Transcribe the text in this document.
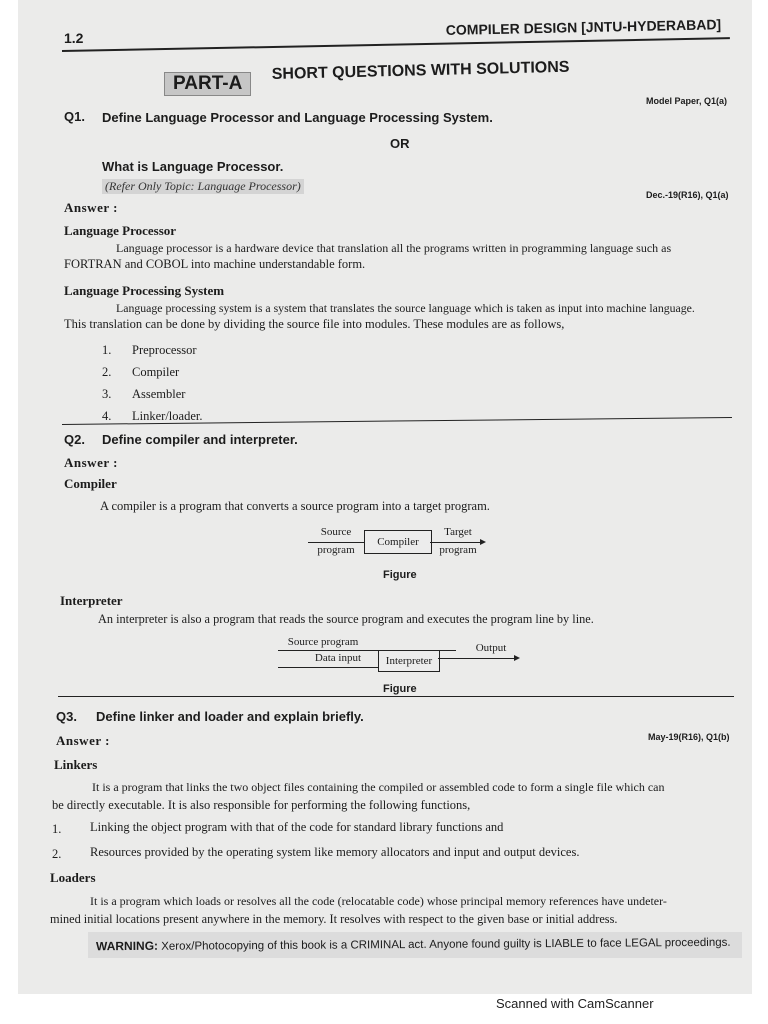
1.2	COMPILER DESIGN [JNTU-HYDERABAD]
PART-A
SHORT QUESTIONS WITH SOLUTIONS
Model Paper, Q1(a)
Q1. Define Language Processor and Language Processing System.
OR
What is Language Processor.
(Refer Only Topic: Language Processor)
Dec.-19(R16), Q1(a)
Answer :
Language Processor
Language processor is a hardware device that translation all the programs written in programming language such as
FORTRAN and COBOL into machine understandable form.
Language Processing System
Language processing system is a system that translates the source language which is taken as input into machine language.
This translation can be done by dividing the source file into modules. These modules are as follows,
1. Preprocessor
2. Compiler
3. Assembler
4. Linker/loader.
Q2. Define compiler and interpreter.
Answer :
Compiler
A compiler is a program that converts a source program into a target program.
Source
program
Compiler
Target
program
Figure
Interpreter
An interpreter is also a program that reads the source program and executes the program line by line.
Source program
Data input	Interpreter
Output
Figure
Q3. Define linker and loader and explain briefly.
Answer :	May-19(R16), Q1(b)
Linkers
It is a program that links the two object files containing the compiled or assembled code to form a single file which can
be directly executable. It is also responsible for performing the following functions,
1. Linking the object program with that of the code for standard library functions and
2. Resources provided by the operating system like memory allocators and input and output devices.
Loaders
It is a program which loads or resolves all the code (relocatable code) whose principal memory references have undeter-
mined initial locations present anywhere in the memory. It resolves with respect to the given base or initial address.
WARNING: Xerox/Photocopying of this book is a CRIMINAL act. Anyone found guilty is LIABLE to face LEGAL proceedings.
Scanned with CamScanner
